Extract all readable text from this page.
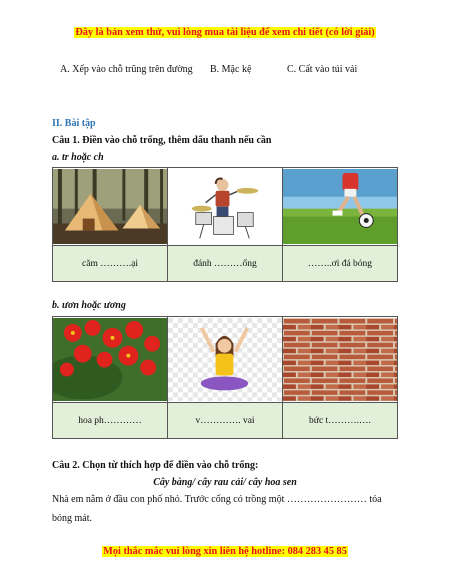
Đây là bản xem thử, vui lòng mua tài liệu để xem chi tiết (có lời giải)
A. Xếp vào chỗ trũng trên đường B. Mặc kệ	C. Cất vào túi vải
II. Bài tập
Câu 1. Điền vào chỗ trống, thêm dấu thanh nếu cần
a. tr hoặc ch

căm ……….ại	đánh ………ống	……..ơi đá bóng
b. ươn hoặc ương

hoa ph…………	v…………. vai	bức t……….….
Câu 2. Chọn từ thích hợp để điền vào chỗ trống:
Cây bàng/ cây rau cải/ cây hoa sen
Nhà em nằm ở đầu con phố nhỏ. Trước cổng có trồng một …………………… tỏa
bóng mát.
Mọi thắc mắc vui lòng xin liên hệ hotline: 084 283 45 85
